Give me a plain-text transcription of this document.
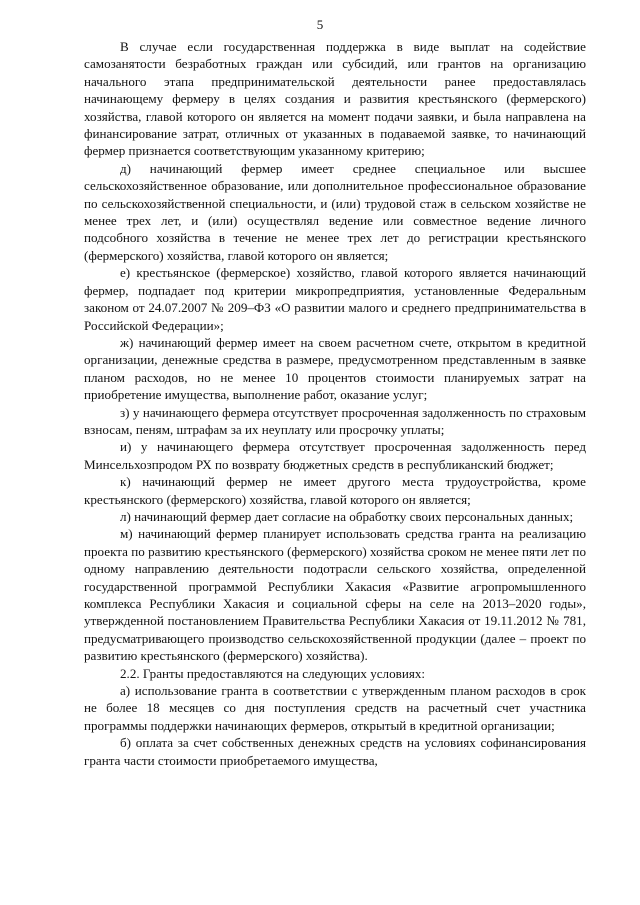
5

В случае если государственная поддержка в виде выплат на содействие самозанятости безработных граждан или субсидий, или грантов на организацию начального этапа предпринимательской деятельности ранее предоставлялась начинающему фермеру в целях создания и развития крестьянского (фермерского) хозяйства, главой которого он является на момент подачи заявки, и была направлена на финансирование затрат, отличных от указанных в подаваемой заявке, то начинающий фермер признается соответствующим указанному критерию;

д) начинающий фермер имеет среднее специальное или высшее сельскохозяйственное образование, или дополнительное профессиональное образование по сельскохозяйственной специальности, и (или) трудовой стаж в сельском хозяйстве не менее трех лет, и (или) осуществлял ведение или совместное ведение личного подсобного хозяйства в течение не менее трех лет до регистрации крестьянского (фермерского) хозяйства, главой которого он является;

е) крестьянское (фермерское) хозяйство, главой которого является начинающий фермер, подпадает под критерии микропредприятия, установленные Федеральным законом от 24.07.2007 № 209–ФЗ «О развитии малого и среднего предпринимательства в Российской Федерации»;

ж) начинающий фермер имеет на своем расчетном счете, открытом в кредитной организации, денежные средства в размере, предусмотренном представленным в заявке планом расходов, но не менее 10 процентов стоимости планируемых затрат на приобретение имущества, выполнение работ, оказание услуг;

з) у начинающего фермера отсутствует просроченная задолженность по страховым взносам, пеням, штрафам за их неуплату или просрочку уплаты;

и) у начинающего фермера отсутствует просроченная задолженность перед Минсельхозпродом РХ по возврату бюджетных средств в республиканский бюджет;

к) начинающий фермер не имеет другого места трудоустройства, кроме крестьянского (фермерского) хозяйства, главой которого он является;

л) начинающий фермер дает согласие на обработку своих персональных данных;

м) начинающий фермер планирует использовать средства гранта на реализацию проекта по развитию крестьянского (фермерского) хозяйства сроком не менее пяти лет по одному направлению деятельности подотрасли сельского хозяйства, определенной государственной программой Республики Хакасия «Развитие агропромышленного комплекса Республики Хакасия и социальной сферы на селе на 2013–2020 годы», утвержденной постановлением Правительства Республики Хакасия от 19.11.2012 № 781, предусматривающего производство сельскохозяйственной продукции (далее – проект по развитию крестьянского (фермерского) хозяйства).

2.2. Гранты предоставляются на следующих условиях:

а) использование гранта в соответствии с утвержденным планом расходов в срок не более 18 месяцев со дня поступления средств на расчетный счет участника программы поддержки начинающих фермеров, открытый в кредитной организации;

б) оплата за счет собственных денежных средств на условиях софинансирования гранта части стоимости приобретаемого имущества,
